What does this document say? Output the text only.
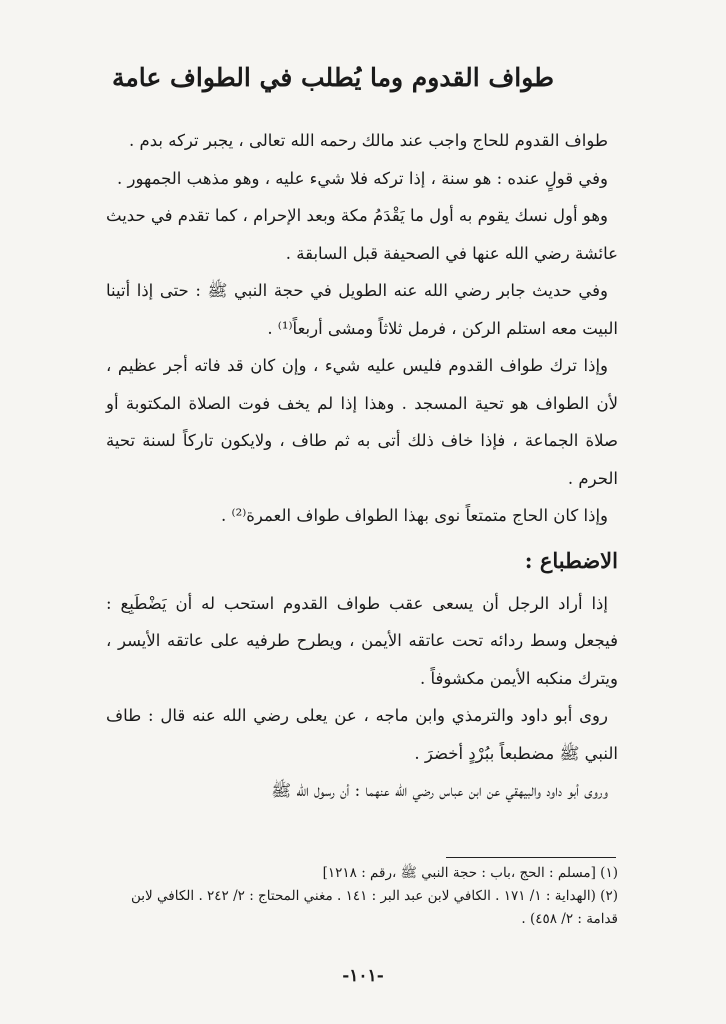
طواف القدوم وما يُطلب في الطواف عامة

طواف القدوم للحاج واجب عند مالك رحمه الله تعالى ، يجبر تركه بدم .

وفي قولٍ عنده : هو سنة ، إذا تركه فلا شيء عليه ، وهو مذهب الجمهور .

وهو أول نسك يقوم به أول ما يَقْدَمُ مكة وبعد الإحرام ، كما تقدم في حديث عائشة رضي الله عنها في الصحيفة قبل السابقة .

وفي حديث جابر رضي الله عنه الطويل في حجة النبي ﷺ : حتى إذا أتينا البيت معه استلم الركن ، فرمل ثلاثاً ومشى أربعاً⁽¹⁾ .

وإذا ترك طواف القدوم فليس عليه شيء ، وإن كان قد فاته أجر عظيم ، لأن الطواف هو تحية المسجد . وهذا إذا لم يخف فوت الصلاة المكتوبة أو صلاة الجماعة ، فإذا خاف ذلك أتى به ثم طاف ، ولايكون تاركاً لسنة تحية الحرم .

وإذا كان الحاج متمتعاً نوى بهذا الطواف طواف العمرة⁽²⁾ .

الاضطباع :

إذا أراد الرجل أن يسعى عقب طواف القدوم استحب له أن يَضْطَبِع : فيجعل وسط ردائه تحت عاتقه الأيمن ، ويطرح طرفيه على عاتقه الأيسر ، ويترك منكبه الأيمن مكشوفاً .

روى أبو داود والترمذي وابن ماجه ، عن يعلى رضي الله عنه قال : طاف النبي ﷺ مضطبعاً ببُرْدٍ أخضرَ .

وروى أبو داود والبيهقي عن ابن عباس رضي الله عنهما : أن رسول الله ﷺ

(١) [مسلم : الحج ،باب : حجة النبي ﷺ ،رقم : ١٢١٨]

(٢) (الهداية : ١/ ١٧١ . الكافي لابن عبد البر : ١٤١ . مغني المحتاج : ٢/ ٢٤٢ . الكافي لابن قدامة : ٢/ ٤٥٨) .

-١٠١-
